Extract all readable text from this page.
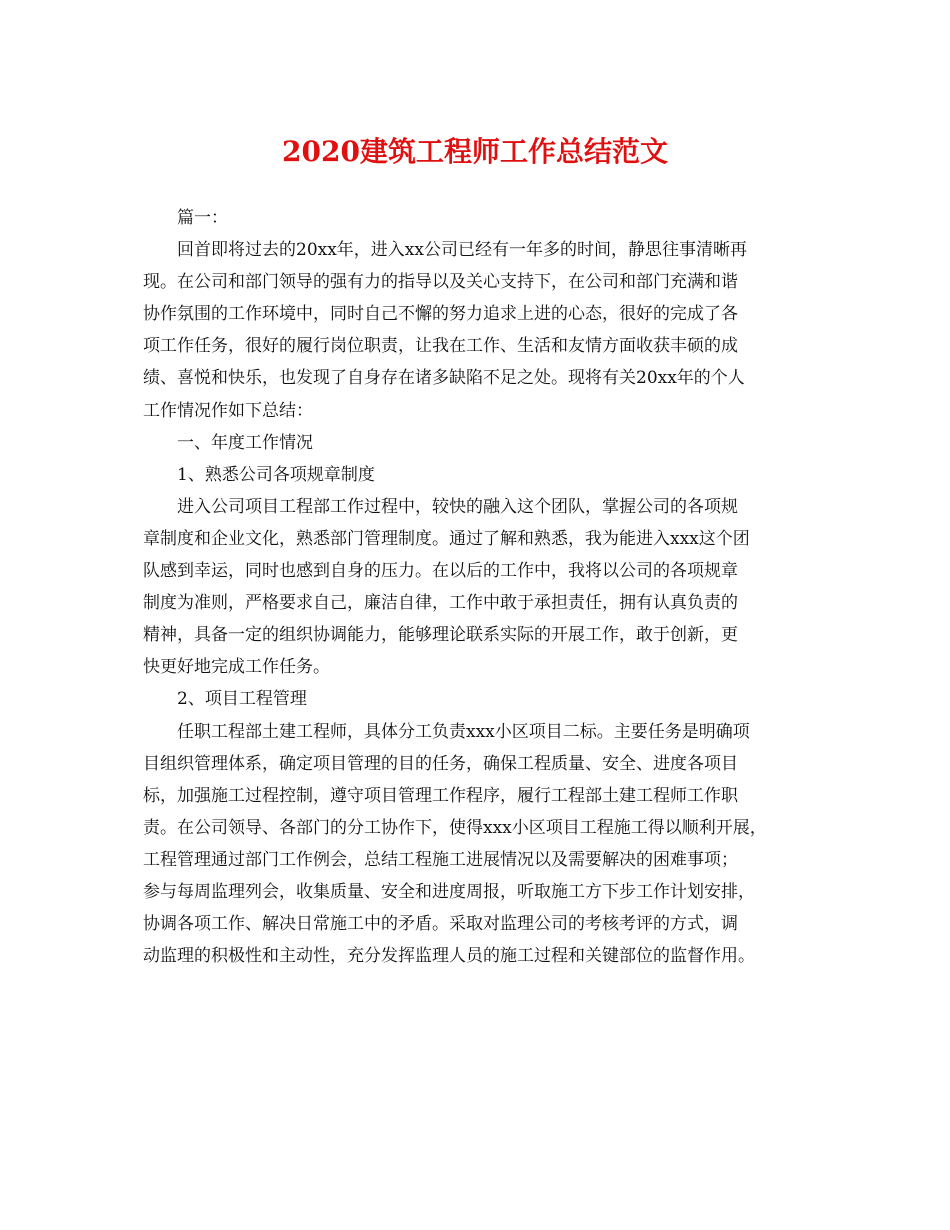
2020建筑工程师工作总结范文
篇一：
回首即将过去的20xx年，进入xx公司已经有一年多的时间，静思往事清晰再
现。在公司和部门领导的强有力的指导以及关心支持下，在公司和部门充满和谐
协作氛围的工作环境中，同时自己不懈的努力追求上进的心态，很好的完成了各
项工作任务，很好的履行岗位职责，让我在工作、生活和友情方面收获丰硕的成
绩、喜悦和快乐，也发现了自身存在诸多缺陷不足之处。现将有关20xx年的个人
工作情况作如下总结：
一、年度工作情况
1、熟悉公司各项规章制度
进入公司项目工程部工作过程中，较快的融入这个团队，掌握公司的各项规
章制度和企业文化，熟悉部门管理制度。通过了解和熟悉，我为能进入xxx这个团
队感到幸运，同时也感到自身的压力。在以后的工作中，我将以公司的各项规章
制度为准则，严格要求自己，廉洁自律，工作中敢于承担责任，拥有认真负责的
精神，具备一定的组织协调能力，能够理论联系实际的开展工作，敢于创新，更
快更好地完成工作任务。
2、项目工程管理
任职工程部土建工程师，具体分工负责xxx小区项目二标。主要任务是明确项
目组织管理体系，确定项目管理的目的任务，确保工程质量、安全、进度各项目
标，加强施工过程控制，遵守项目管理工作程序，履行工程部土建工程师工作职
责。在公司领导、各部门的分工协作下，使得xxx小区项目工程施工得以顺利开展，
工程管理通过部门工作例会，总结工程施工进展情况以及需要解决的困难事项；
参与每周监理列会，收集质量、安全和进度周报，听取施工方下步工作计划安排，
协调各项工作、解决日常施工中的矛盾。采取对监理公司的考核考评的方式，调
动监理的积极性和主动性，充分发挥监理人员的施工过程和关键部位的监督作用。
